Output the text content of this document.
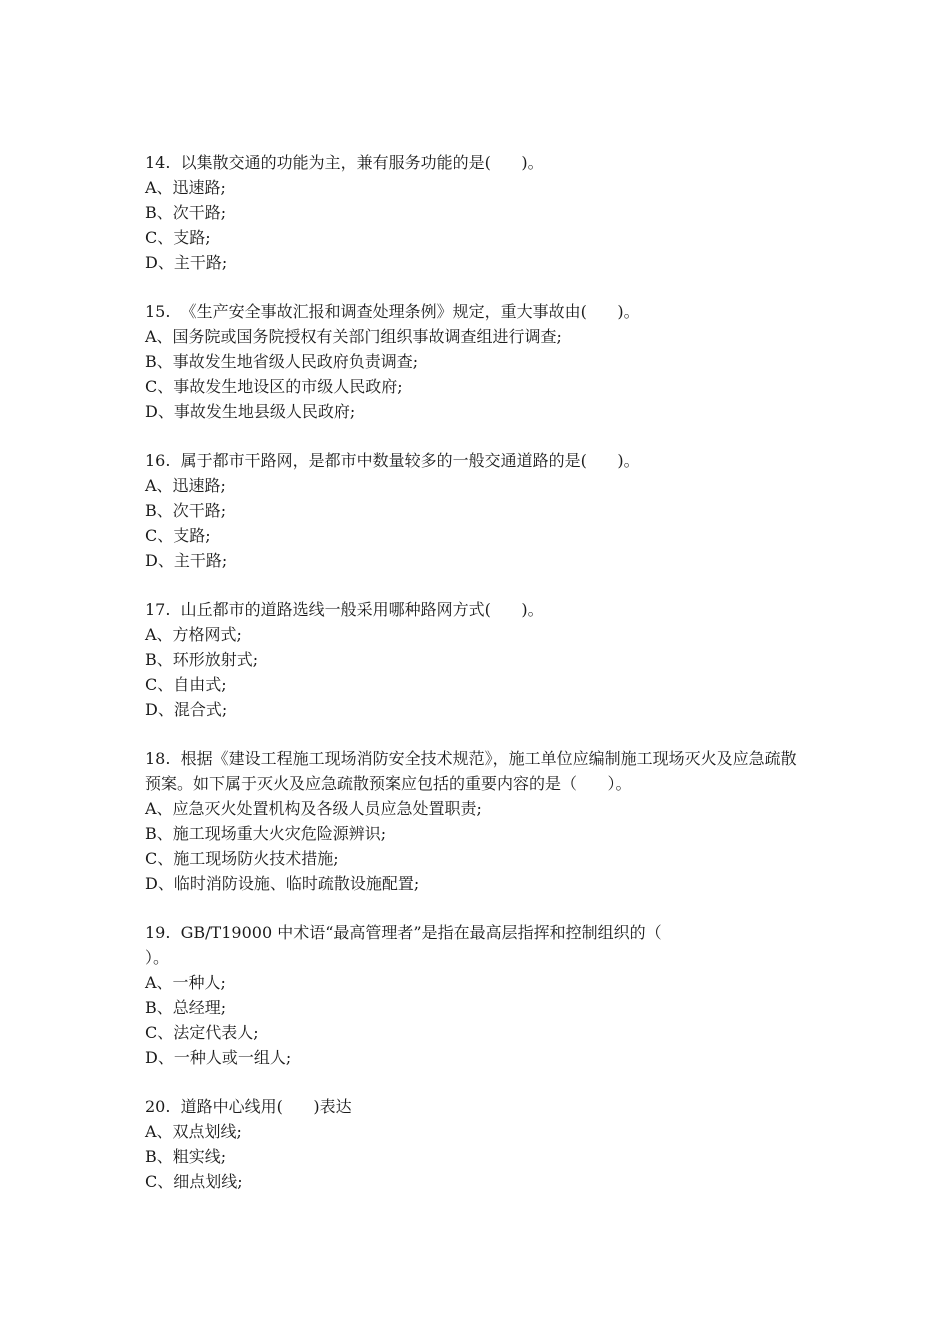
14.  以集散交通的功能为主，兼有服务功能的是(      )。
A、迅速路;
B、次干路;
C、支路;
D、主干路;
15.  《生产安全事故汇报和调查处理条例》规定，重大事故由(      )。
A、国务院或国务院授权有关部门组织事故调查组进行调查;
B、事故发生地省级人民政府负责调查;
C、事故发生地设区的市级人民政府;
D、事故发生地县级人民政府;
16.  属于都市干路网，是都市中数量较多的一般交通道路的是(      )。
A、迅速路;
B、次干路;
C、支路;
D、主干路;
17.  山丘都市的道路选线一般采用哪种路网方式(      )。
A、方格网式;
B、环形放射式;
C、自由式;
D、混合式;
18.  根据《建设工程施工现场消防安全技术规范》，施工单位应编制施工现场灭火及应急疏散预案。如下属于灭火及应急疏散预案应包括的重要内容的是（      ）。
A、应急灭火处置机构及各级人员应急处置职责;
B、施工现场重大火灾危险源辨识;
C、施工现场防火技术措施;
D、临时消防设施、临时疏散设施配置;
19.  GB/T19000 中术语“最高管理者”是指在最高层指挥和控制组织的（                          ）。
A、一种人;
B、总经理;
C、法定代表人;
D、一种人或一组人;
20.  道路中心线用(      )表达
A、双点划线;
B、粗实线;
C、细点划线;
